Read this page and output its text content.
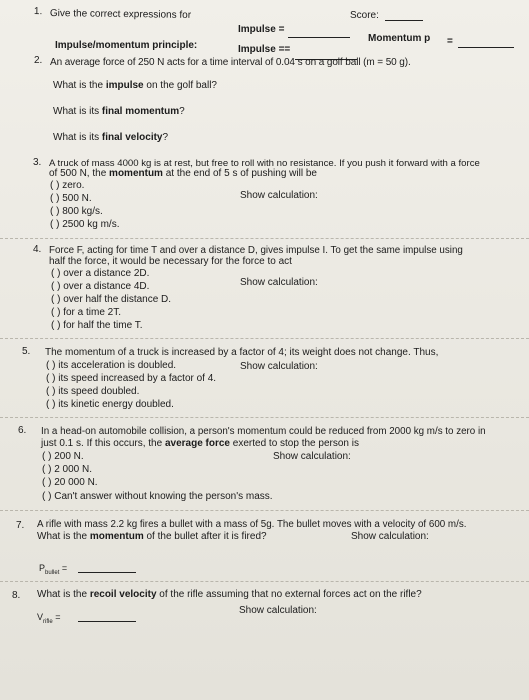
Score:
1. Give the correct expressions for
Impulse =
Momentum p =
Impulse/momentum principle:	Impulse ==
2. An average force of 250 N acts for a time interval of 0.04 s on a golf ball (m = 50 g).
What is the impulse on the golf ball?
What is its final momentum?
What is its final velocity?
3. A truck of mass 4000 kg is at rest, but free to roll with no resistance. If you push it forward with a force
of 500 N, the momentum at the end of 5 s of pushing will be
( ) zero.
Show calculation:
( ) 500 N.
( ) 800 kg/s.
( ) 2500 kg m/s.
4. Force F, acting for time T and over a distance D, gives impulse I. To get the same impulse using
half the force, it would be necessary for the force to act
( ) over a distance 2D.
Show calculation:
( ) over a distance 4D.
( ) over half the distance D.
( ) for a time 2T.
( ) for half the time T.
5. The momentum of a truck is increased by a factor of 4; its weight does not change. Thus,
( ) its acceleration is doubled.	Show calculation:
( ) its speed increased by a factor of 4.
( ) its speed doubled.
( ) its kinetic energy doubled.
6. In a head-on automobile collision, a person's momentum could be reduced from 2000 kg m/s to zero in
just 0.1 s. If this occurs, the average force exerted to stop the person is
( ) 200 N.	Show calculation:
( ) 2 000 N.
( ) 20 000 N.
( ) Can't answer without knowing the person's mass.
7. A rifle with mass 2.2 kg fires a bullet with a mass of 5g. The bullet moves with a velocity of 600 m/s.
What is the momentum of the bullet after it is fired?	Show calculation:
$P_{bullet}$ =
8. What is the recoil velocity of the rifle assuming that no external forces act on the rifle?
Show calculation:
$V_{rifle}$ =
